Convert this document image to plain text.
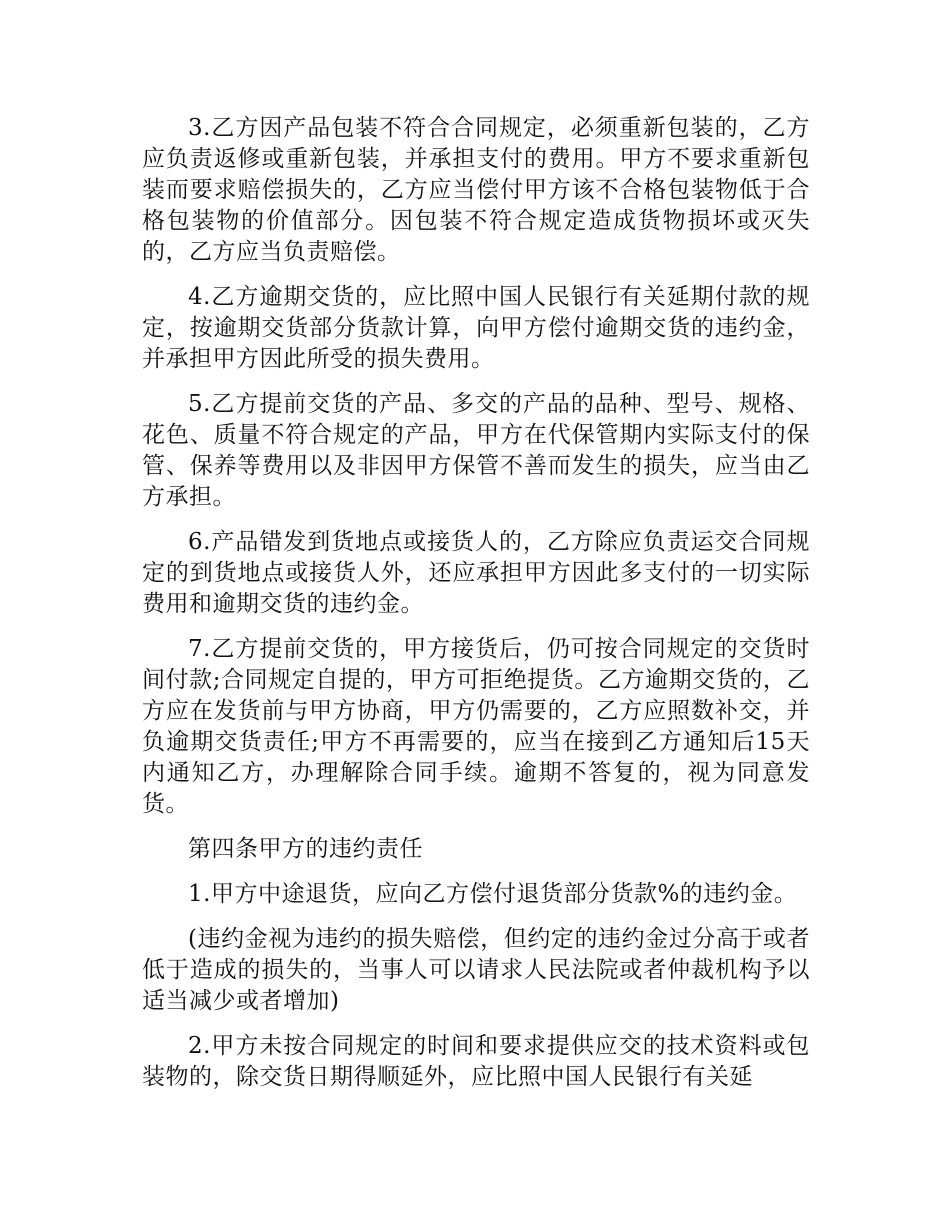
3.乙方因产品包装不符合合同规定，必须重新包装的，乙方应负责返修或重新包装，并承担支付的费用。甲方不要求重新包装而要求赔偿损失的，乙方应当偿付甲方该不合格包装物低于合格包装物的价值部分。因包装不符合规定造成货物损坏或灭失的，乙方应当负责赔偿。

4.乙方逾期交货的，应比照中国人民银行有关延期付款的规定，按逾期交货部分货款计算，向甲方偿付逾期交货的违约金，并承担甲方因此所受的损失费用。

5.乙方提前交货的产品、多交的产品的品种、型号、规格、花色、质量不符合规定的产品，甲方在代保管期内实际支付的保管、保养等费用以及非因甲方保管不善而发生的损失，应当由乙方承担。

6.产品错发到货地点或接货人的，乙方除应负责运交合同规定的到货地点或接货人外，还应承担甲方因此多支付的一切实际费用和逾期交货的违约金。

7.乙方提前交货的，甲方接货后，仍可按合同规定的交货时间付款;合同规定自提的，甲方可拒绝提货。乙方逾期交货的，乙方应在发货前与甲方协商，甲方仍需要的，乙方应照数补交，并负逾期交货责任;甲方不再需要的，应当在接到乙方通知后15天内通知乙方，办理解除合同手续。逾期不答复的，视为同意发货。

第四条甲方的违约责任

1.甲方中途退货，应向乙方偿付退货部分货款%的违约金。

(违约金视为违约的损失赔偿，但约定的违约金过分高于或者低于造成的损失的，当事人可以请求人民法院或者仲裁机构予以适当减少或者增加)

2.甲方未按合同规定的时间和要求提供应交的技术资料或包装物的，除交货日期得顺延外，应比照中国人民银行有关延
